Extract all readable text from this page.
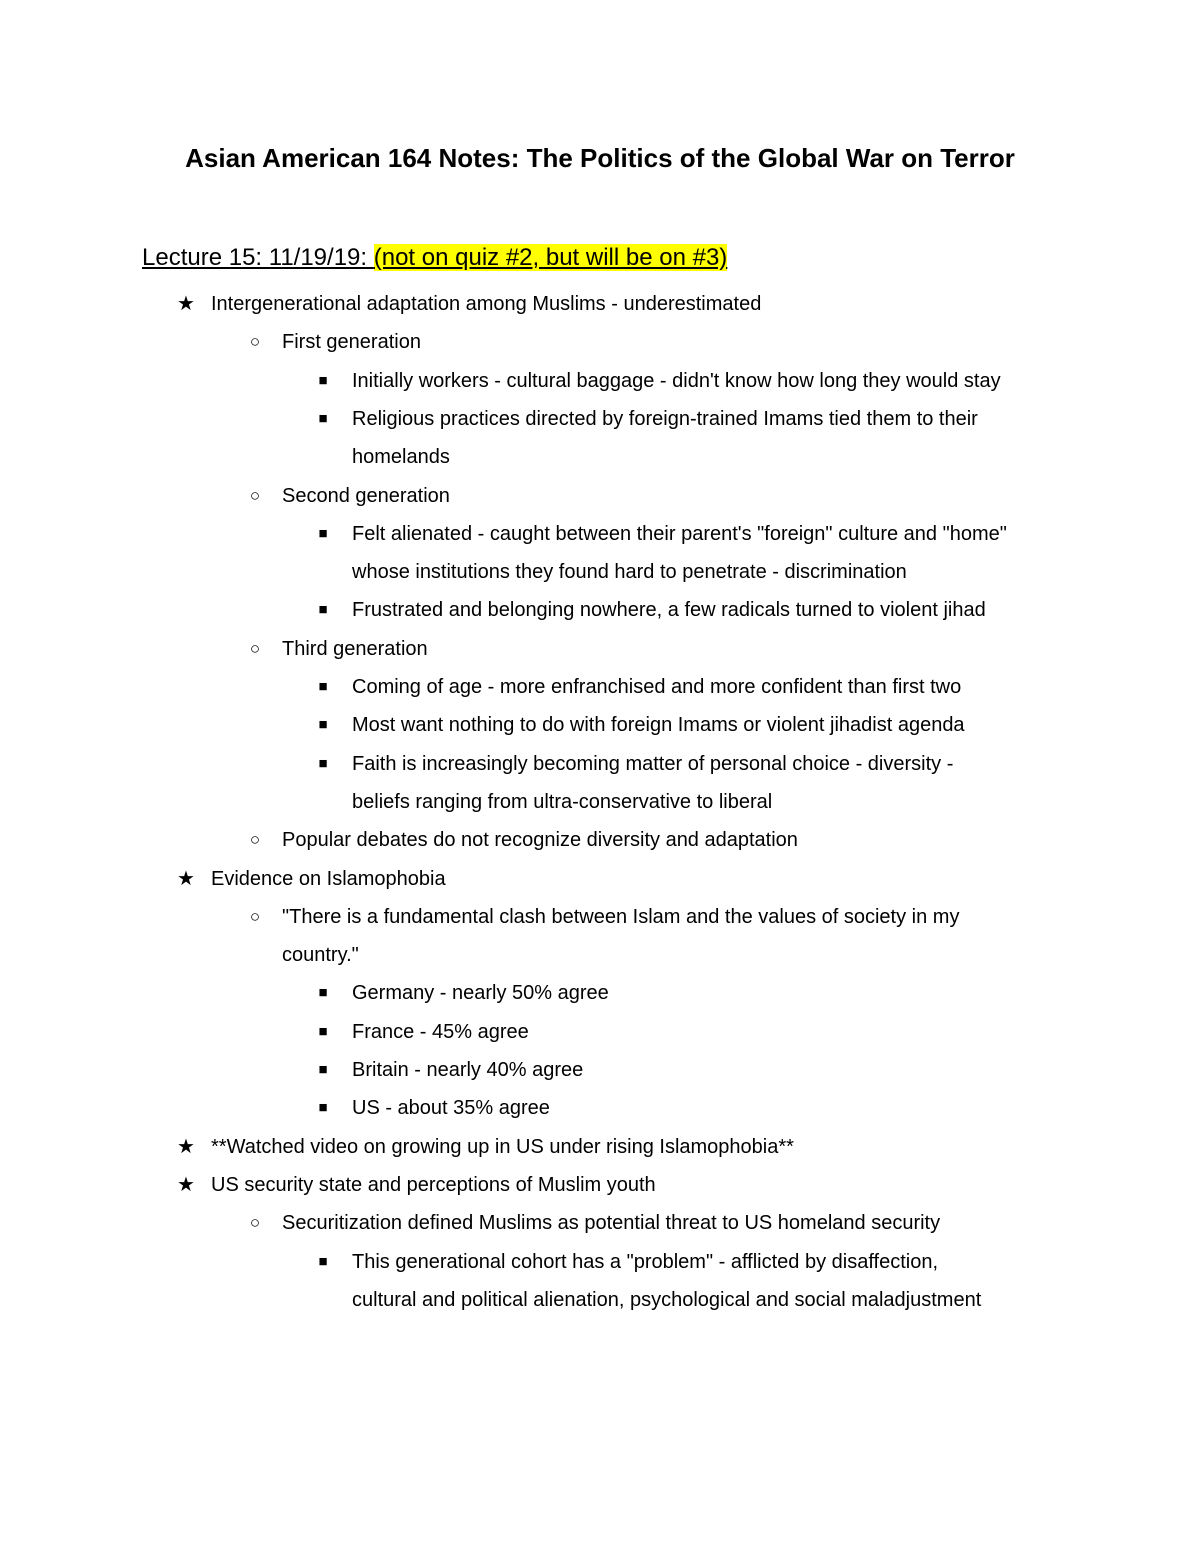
Asian American 164 Notes: The Politics of the Global War on Terror
Lecture 15: 11/19/19: (not on quiz #2, but will be on #3)
★ Intergenerational adaptation among Muslims - underestimated
○ First generation
■	Initially workers - cultural baggage - didn't know how long they would stay
■	Religious practices directed by foreign-trained Imams tied them to their
homelands
○ Second generation
■	Felt alienated - caught between their parent's "foreign" culture and "home"
whose institutions they found hard to penetrate - discrimination
■	Frustrated and belonging nowhere, a few radicals turned to violent jihad
○ Third generation
■	Coming of age - more enfranchised and more confident than first two
■	Most want nothing to do with foreign Imams or violent jihadist agenda
■	Faith is increasingly becoming matter of personal choice - diversity -
beliefs ranging from ultra-conservative to liberal
○ Popular debates do not recognize diversity and adaptation
★ Evidence on Islamophobia
○ "There is a fundamental clash between Islam and the values of society in my
country."
■	Germany - nearly 50% agree
■	France - 45% agree
■	Britain - nearly 40% agree
■	US - about 35% agree
★ **Watched video on growing up in US under rising Islamophobia**
★ US security state and perceptions of Muslim youth
○ Securitization defined Muslims as potential threat to US homeland security
■	This generational cohort has a "problem" - afflicted by disaffection,
cultural and political alienation, psychological and social maladjustment
